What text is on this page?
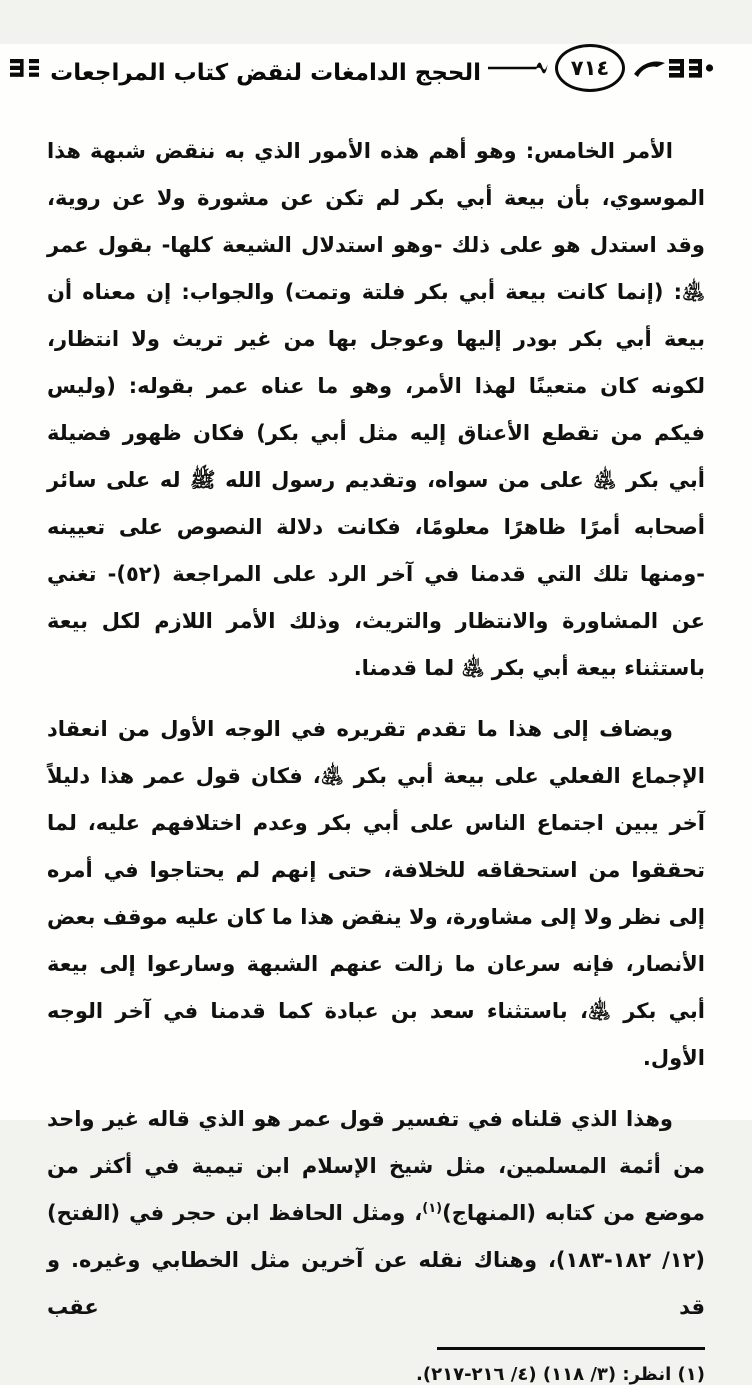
٧١٤
الحجج الدامغات لنقض كتاب المراجعات

الأمر الخامس: وهو أهم هذه الأمور الذي به ننقض شبهة هذا الموسوي، بأن بيعة أبي بكر لم تكن عن مشورة ولا عن روية، وقد استدل هو على ذلك -وهو استدلال الشيعة كلها- بقول عمر ﵁: (إنما كانت بيعة أبي بكر فلتة وتمت) والجواب: إن معناه أن بيعة أبي بكر بودر إليها وعوجل بها من غير تريث ولا انتظار، لكونه كان متعينًا لهذا الأمر، وهو ما عناه عمر بقوله: (وليس فيكم من تقطع الأعناق إليه مثل أبي بكر) فكان ظهور فضيلة أبي بكر ﵁ على من سواه، وتقديم رسول الله ﷺ له على سائر أصحابه أمرًا ظاهرًا معلومًا، فكانت دلالة النصوص على تعيينه -ومنها تلك التي قدمنا في آخر الرد على المراجعة (٥٢)- تغني عن المشاورة والانتظار والتريث، وذلك الأمر اللازم لكل بيعة باستثناء بيعة أبي بكر ﵁ لما قدمنا.

ويضاف إلى هذا ما تقدم تقريره في الوجه الأول من انعقاد الإجماع الفعلي على بيعة أبي بكر ﵁، فكان قول عمر هذا دليلاً آخر يبين اجتماع الناس على أبي بكر وعدم اختلافهم عليه، لما تحققوا من استحقاقه للخلافة، حتى إنهم لم يحتاجوا في أمره إلى نظر ولا إلى مشاورة، ولا ينقض هذا ما كان عليه موقف بعض الأنصار، فإنه سرعان ما زالت عنهم الشبهة وسارعوا إلى بيعة أبي بكر ﵁، باستثناء سعد بن عبادة كما قدمنا في آخر الوجه الأول.

وهذا الذي قلناه في تفسير قول عمر هو الذي قاله غير واحد من أئمة المسلمين، مثل شيخ الإسلام ابن تيمية في أكثر من موضع من كتابه (المنهاج)$^{(١)}$، ومثل الحافظ ابن حجر في (الفتح) (١٢/ ١٨٢-١٨٣)، وهناك نقله عن آخرين مثل الخطابي وغيره. و قد عقب

(١) انظر: (٣/ ١١٨) (٤/ ٢١٦-٢١٧).
